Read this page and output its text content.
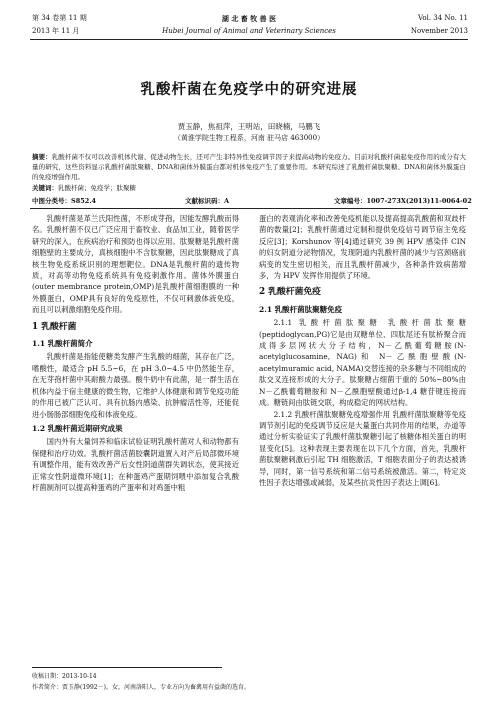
第 34 卷第 11 期	湖 北 畜 牧 兽 医	Vol. 34 No. 11
2013 年 11 月	Hubei Journal of Animal and Veterinary Sciences	November 2013
乳酸杆菌在免疫学中的研究进展
贾玉静，焦祖萍，王明站，田晓楠，马鹏飞
（黄淮学院生物工程系，河南 驻马店 463000）
摘要：乳酸杆菌不仅可以改善机体代谢、促进动物生长，还可产生非特异性免疫调节因子来提高动物的免疫力。目前对乳酸杆菌起免疫作用的成分有大量的研究，这些资料显示乳酸杆菌肽聚糖、DNA和菌体外膜蛋白都对机体免疫产生了重要作用。本研究综述了乳酸杆菌肽聚糖、DNA和菌体外膜蛋白的免疫增强作用。
关键词：乳酸杆菌；免疫学；肽聚糖
中图分类号：S852.4	文献标识码：A	文章编号：1007-273X(2013)11-0064-02

乳酸杆菌是革兰氏阳性菌，不形成芽孢，因能发酵乳酸而得名。乳酸杆菌不仅已广泛应用于畜牧业、食品加工业，随着医学研究的深入，在疾病治疗和预防也得以应用。肽聚糖是乳酸杆菌细胞壁的主要成分，真核细胞中不含肽聚糖，因此肽聚糖成了真核生物免疫系统识别的理想靶位。DNA是乳酸杆菌的遗传物质，对高等动物免疫系统具有免疫刺激作用。菌体外膜蛋白(outer membrance protein,OMP)是乳酸杆菌细胞膜的一种外膜蛋白，OMP具有良好的免疫原性，不仅可刺激体液免疫，而且可以刺激细胞免疫作用。

1 乳酸杆菌
1.1 乳酸杆菌简介

乳酸杆菌是指能使糖类发酵产生乳酸的细菌，其存在广泛，嗜酸性，最适合 pH 5.5~6，在 pH 3.0~4.5 中仍然能生存，在无芽孢杆菌中其耐酸力最强。酸牛奶中有此菌，是一群生活在机体内益于宿主健康的微生物，它维护人体健康和调节免疫功能的作用已被广泛认可。具有抗肠内感染、抗肿瘤活性等，还能促进小肠肠部细胞免疫和体液免疫。

1.2 乳酸杆菌近期研究成果

国内外有大量饲养和临床试验证明乳酸杆菌对人和动物都有保健和治疗功效。乳酸杆菌活菌胶囊阴道置入对产后局部微环境有调整作用，能有效改善产后女性阴道菌群失调状态，使其接近正常女性阴道微环境[1]；在种蛋鸡产蛋期饲喂中添加复合乳酸杆菌制剂可以提高种蛋鸡的产蛋率和对鸡蛋中粗

蛋白的表观消化率和改善免疫机能以及提高提高乳酸菌和双歧杆菌的数量[2]；乳酸杆菌通过定制和提供免疫信号调节宿主免疫反应[3]；Korshunov 等[4]通过研究 39 例 HPV 感染伴 CIN 的妇女阴道分泌物情况，发现阴道内乳酸杆菌的减少与宫颈癌前病变的发生密切相关，而且乳酸杆菌减少，各种条件致病菌增多，为 HPV 发挥作用提供了环境。

2 乳酸杆菌免疫
2.1 乳酸杆菌肽聚糖免疫

2.1.1 乳酸杆菌肽聚糖 乳酸杆菌肽聚糖(peptidoglycan,PG)它是由双糖单位、四肽尾还有肽桥聚合而成得多层网状大分子结构，N－乙酰葡萄糖胺(N-acetylglucosamine, NAG)和 N－乙酰胞壁酸(N-acetylmuramic acid, NAMA)交替连接的杂多糖与不同组成的肽交叉连接形成的大分子。肽聚糖占细菌干重的 50%~80%由 N－乙酰葡萄糖胺和 N－乙酰胞壁酸通过β-1,4 糖苷键连接而成。糖链间由肽链交联，构成稳定的网状结构。

2.1.2 乳酸杆菌肽聚糖免疫增强作用 乳酸杆菌肽聚糖等免疫调节剂引起的免疫调节反应是大量蛋白共同作用的结果，办道等通过分析实验证实了乳酸杆菌肽聚糖引起了核糖体相关蛋白的明显变化[5]。这种表现主要表现在以下几个方面，首先，乳酸杆菌肽聚糖刺激后引起 TH 细胞激活，T 细胞表面分子的表达被诱导，同时，第一信号系统和第二信号系统被激活。第二，特定炎性因子表达增强或减弱，及某些抗炎性因子表达上调[6]。

收稿日期：2013-10-14
作者简介：贾玉静(1992－)，女，河南洛阳人，专业方向为畜禽用有益菌的选育。
